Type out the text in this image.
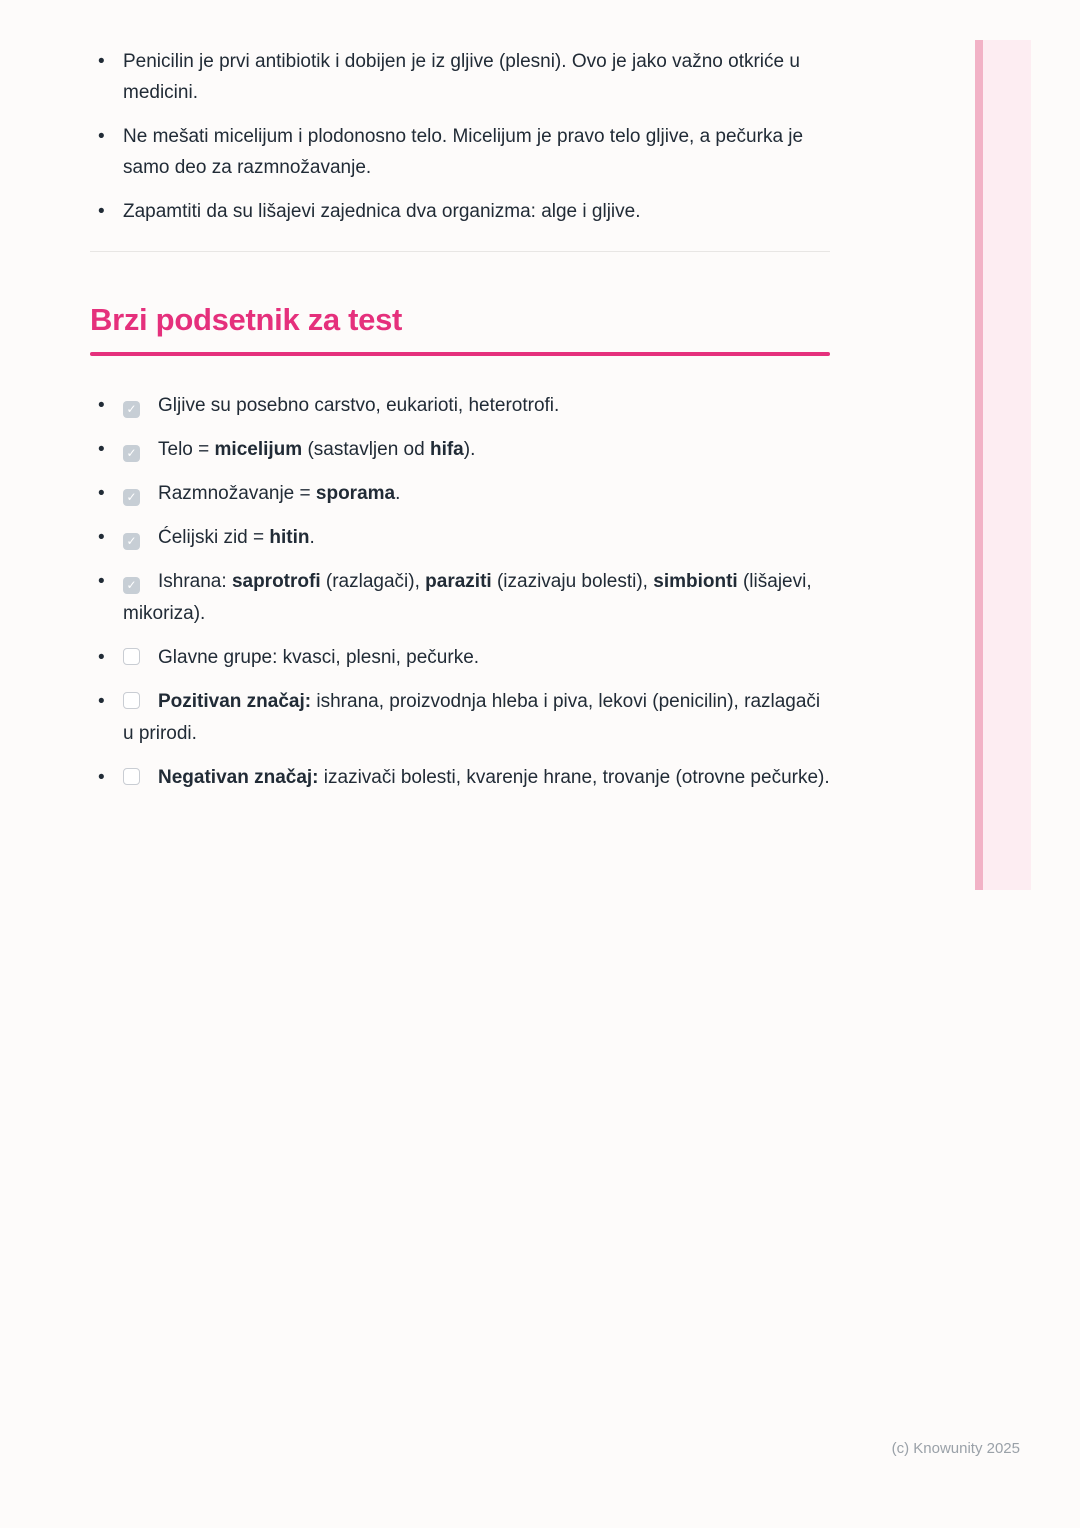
• Penicilin je prvi antibiotik i dobijen je iz gljive (plesni). Ovo je jako važno otkriće u medicini.
• Ne mešati micelijum i plodonosno telo. Micelijum je pravo telo gljive, a pečurka je samo deo za razmnožavanje.
• Zapamtiti da su lišajevi zajednica dva organizma: alge i gljive.
Brzi podsetnik za test
• ✓ Gljive su posebno carstvo, eukarioti, heterotrofi.
• ✓ Telo = micelijum (sastavljen od hifa).
• ✓ Razmnožavanje = sporama.
• ✓ Ćelijski zid = hitin.
• ✓ Ishrana: saprotrofi (razlagači), paraziti (izazivaju bolesti), simbionti (lišajevi, mikoriza).
•	Glavne grupe: kvasci, plesni, pečurke.
•	Pozitivan značaj: ishrana, proizvodnja hleba i piva, lekovi (penicilin), razlagači u prirodi.
•	Negativan značaj: izazivači bolesti, kvarenje hrane, trovanje (otrovne pečurke).
(c) Knowunity 2025
